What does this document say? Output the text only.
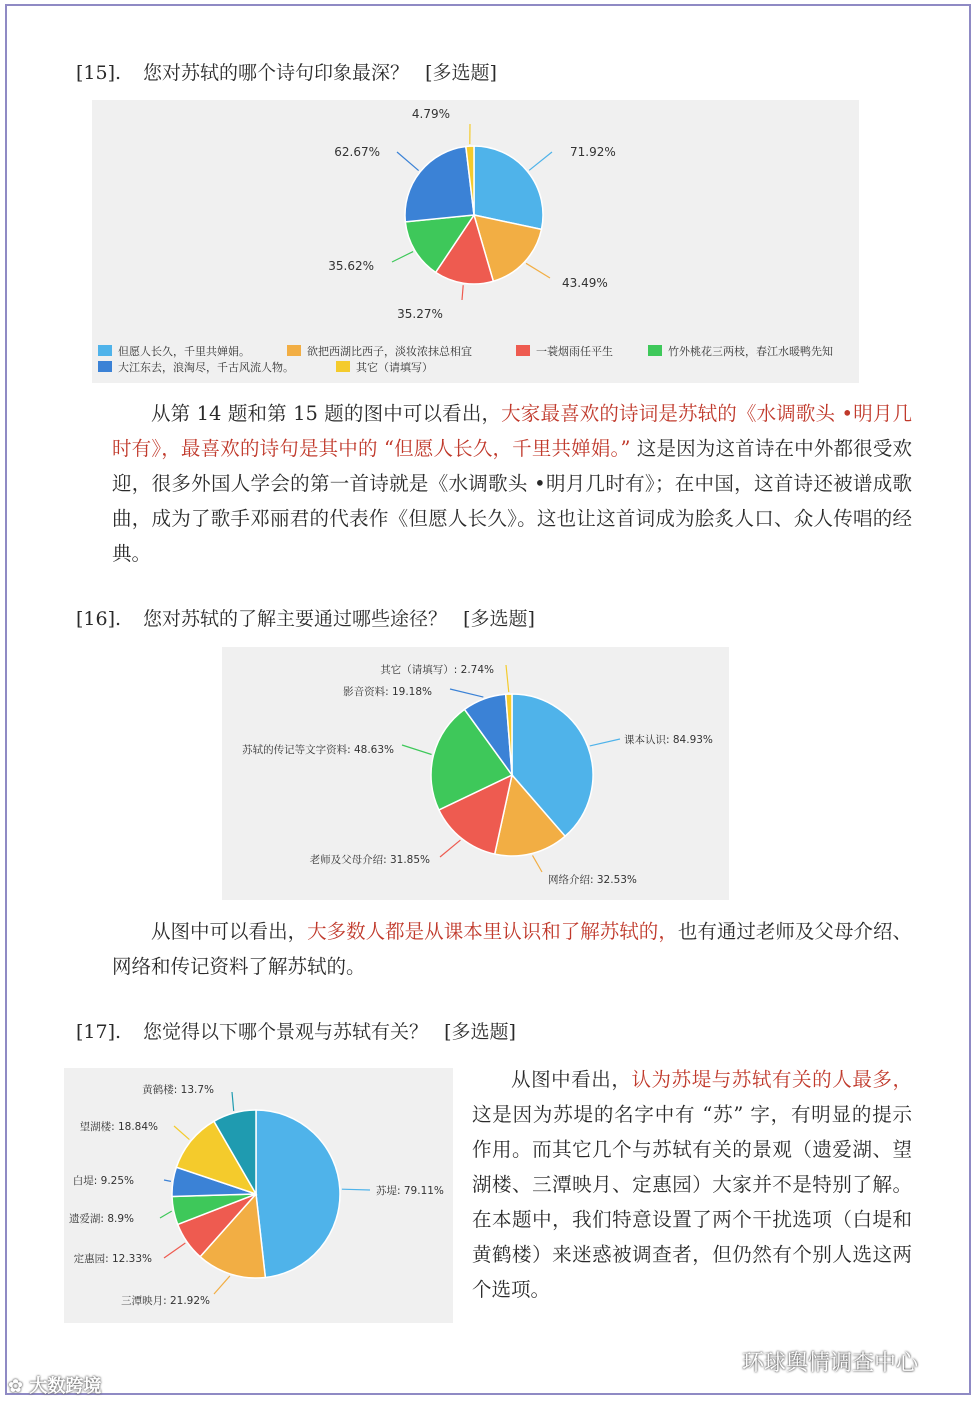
[15]. 您对苏轼的哪个诗句印象最深？ [多选题]
71.92%
43.49%
35.27%
35.62%
62.67%
4.79%
但愿人长久，千里共婵娟。	欲把西湖比西子，淡妆浓抹总相宜	一蓑烟雨任平生	竹外桃花三两枝，春江水暖鸭先知
大江东去，浪淘尽，千古风流人物。	其它（请填写）

从第 14 题和第 15 题的图中可以看出，大家最喜欢的诗词是苏轼的《水调歌头 •明月几时有》，最喜欢的诗句是其中的 “但愿人长久，千里共婵娟。” 这是因为这首诗在中外都很受欢迎，很多外国人学会的第一首诗就是《水调歌头 •明月几时有》；在中国，这首诗还被谱成歌曲，成为了歌手邓丽君的代表作《但愿人长久》。这也让这首词成为脍炙人口、众人传唱的经典。

[16]. 您对苏轼的了解主要通过哪些途径？ [多选题]
课本认识: 84.93%
网络介绍: 32.53%
老师及父母介绍: 31.85%
苏轼的传记等文字资料: 48.63%
影音资料: 19.18%
其它（请填写）: 2.74%

从图中可以看出，大多数人都是从课本里认识和了解苏轼的，也有通过老师及父母介绍、网络和传记资料了解苏轼的。

[17]. 您觉得以下哪个景观与苏轼有关？ [多选题]
苏堤: 79.11%
三潭映月: 21.92%
定惠园: 12.33%
遗爱湖: 8.9%
白堤: 9.25%
望湖楼: 18.84%
黄鹤楼: 13.7%	从图中看出，认为苏堤与苏轼有关的人最多，这是因为苏堤的名字中有 “苏” 字，有明显的提示作用。而其它几个与苏轼有关的景观（遗爱湖、望湖楼、三潭映月、定惠园）大家并不是特别了解。在本题中，我们特意设置了两个干扰选项（白堤和黄鹤楼）来迷惑被调查者，但仍然有个别人选这两个选项。

✿ 大数跨境
环球舆情调查中心
